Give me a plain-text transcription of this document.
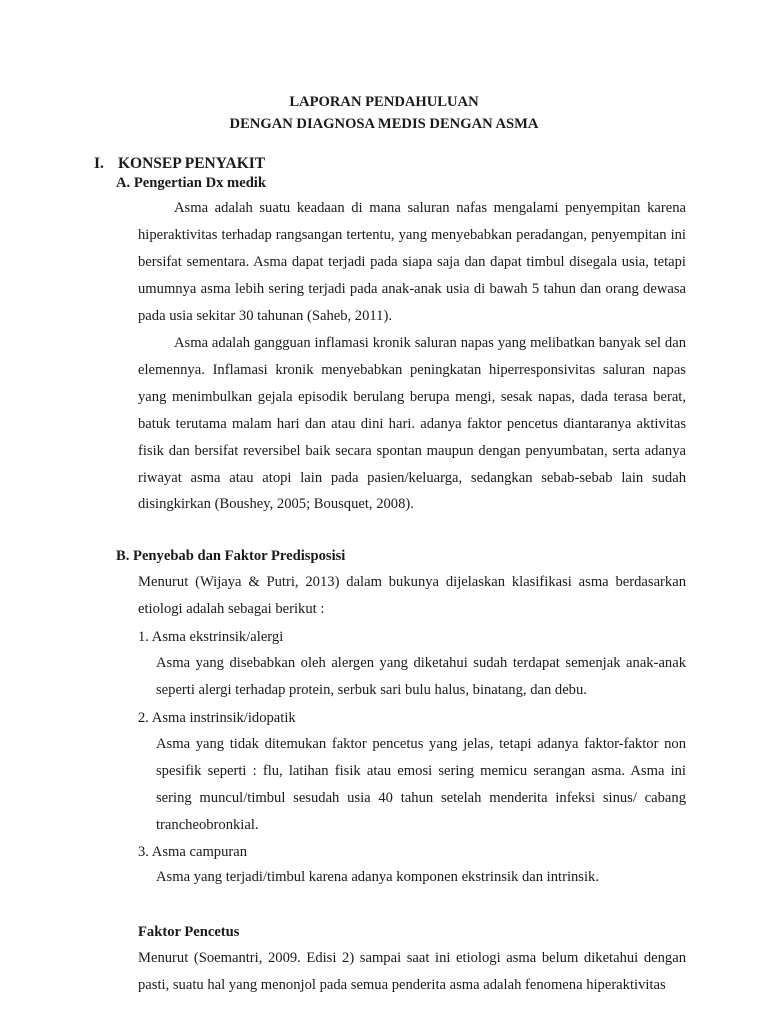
LAPORAN PENDAHULUAN
DENGAN DIAGNOSA MEDIS DENGAN ASMA
I. KONSEP PENYAKIT
A. Pengertian Dx medik

Asma adalah suatu keadaan di mana saluran nafas mengalami penyempitan karena hiperaktivitas terhadap rangsangan tertentu, yang menyebabkan peradangan, penyempitan ini bersifat sementara. Asma dapat terjadi pada siapa saja dan dapat timbul disegala usia, tetapi umumnya asma lebih sering terjadi pada anak-anak usia di bawah 5 tahun dan orang dewasa pada usia sekitar 30 tahunan (Saheb, 2011).

Asma adalah gangguan inflamasi kronik saluran napas yang melibatkan banyak sel dan elemennya. Inflamasi kronik menyebabkan peningkatan hiperresponsivitas saluran napas yang menimbulkan gejala episodik berulang berupa mengi, sesak napas, dada terasa berat, batuk terutama malam hari dan atau dini hari. adanya faktor pencetus diantaranya aktivitas fisik dan bersifat reversibel baik secara spontan maupun dengan penyumbatan, serta adanya riwayat asma atau atopi lain pada pasien/keluarga, sedangkan sebab-sebab lain sudah disingkirkan (Boushey, 2005; Bousquet, 2008).

B. Penyebab dan Faktor Predisposisi

Menurut (Wijaya & Putri, 2013) dalam bukunya dijelaskan klasifikasi asma berdasarkan etiologi adalah sebagai berikut :

1. Asma ekstrinsik/alergi

Asma yang disebabkan oleh alergen yang diketahui sudah terdapat semenjak anak-anak seperti alergi terhadap protein, serbuk sari bulu halus, binatang, dan debu.

2. Asma instrinsik/idopatik

Asma yang tidak ditemukan faktor pencetus yang jelas, tetapi adanya faktor-faktor non spesifik seperti : flu, latihan fisik atau emosi sering memicu serangan asma. Asma ini sering muncul/timbul sesudah usia 40 tahun setelah menderita infeksi sinus/ cabang trancheobronkial.

3. Asma campuran

Asma yang terjadi/timbul karena adanya komponen ekstrinsik dan intrinsik.

Faktor Pencetus

Menurut (Soemantri, 2009. Edisi 2) sampai saat ini etiologi asma belum diketahui dengan pasti, suatu hal yang menonjol pada semua penderita asma adalah fenomena hiperaktivitas
